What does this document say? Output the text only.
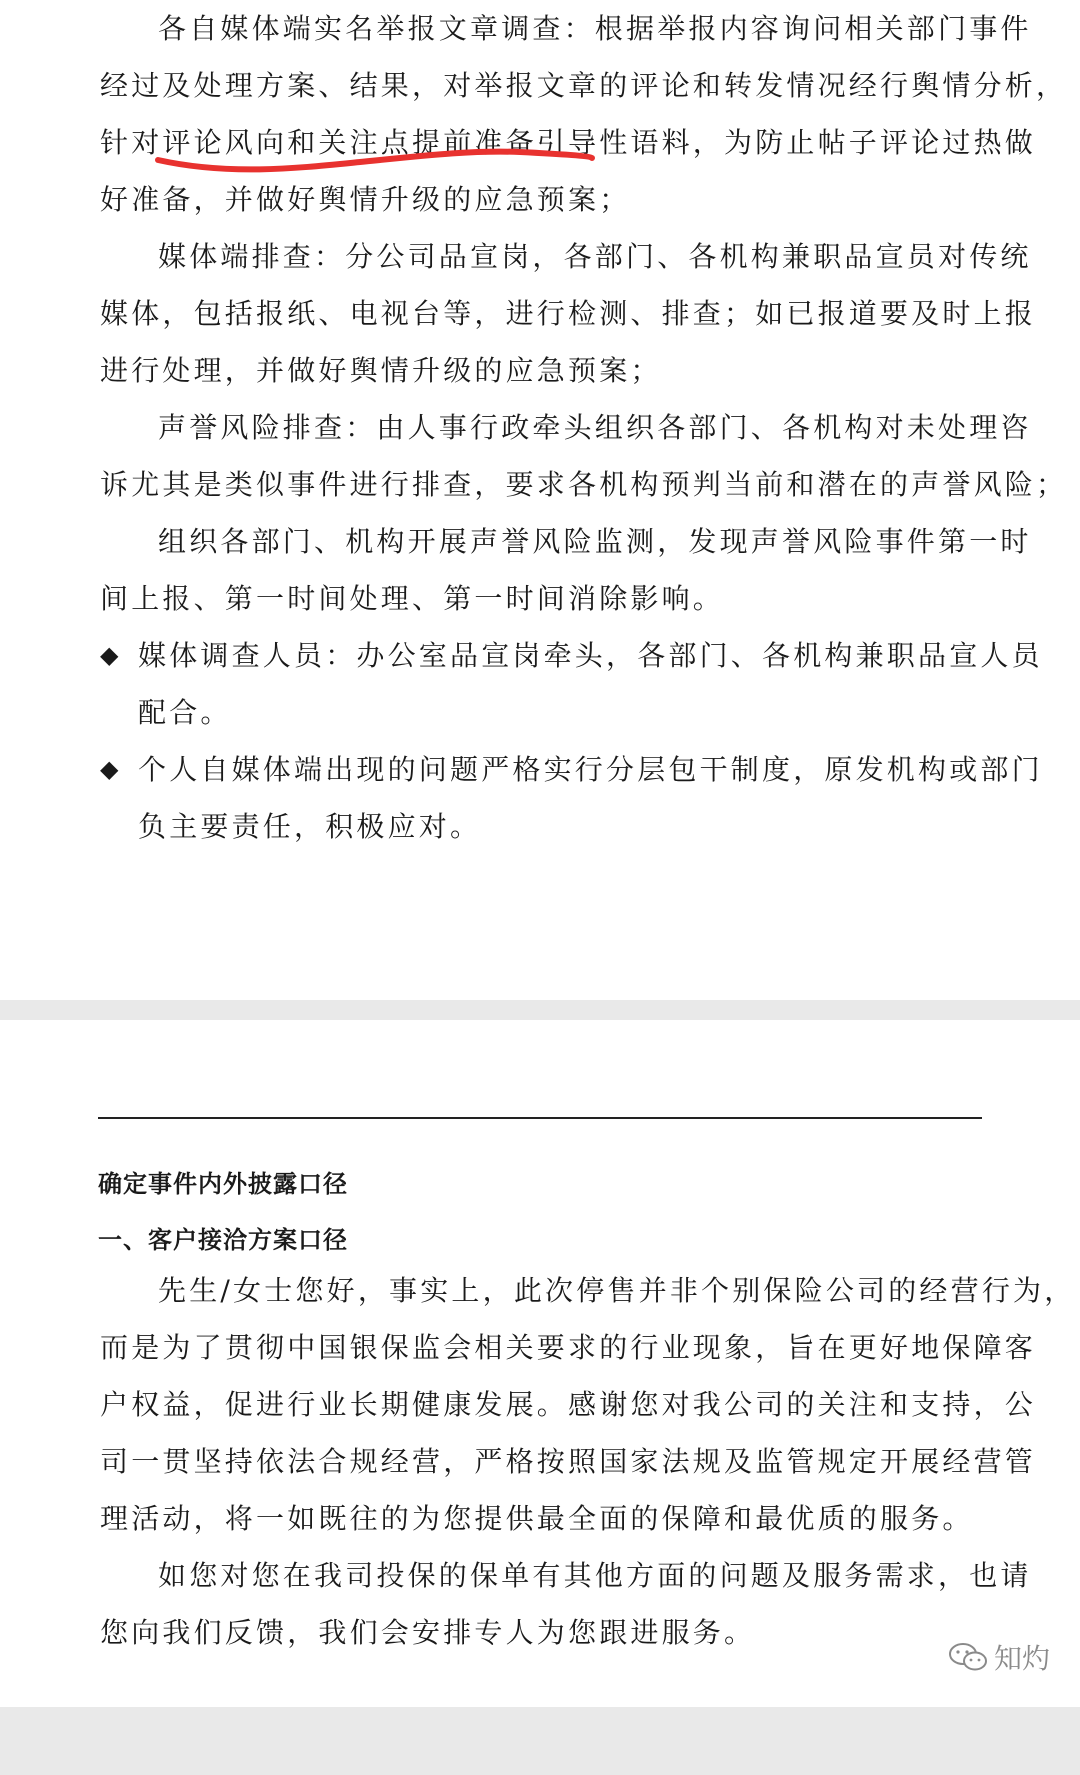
各自媒体端实名举报文章调查：根据举报内容询问相关部门事件

经过及处理方案、结果，对举报文章的评论和转发情况经行舆情分析，

针对评论风向和关注点提前准备引导性语料，为防止帖子评论过热做

好准备，并做好舆情升级的应急预案；

媒体端排查：分公司品宣岗，各部门、各机构兼职品宣员对传统

媒体，包括报纸、电视台等，进行检测、排查；如已报道要及时上报

进行处理，并做好舆情升级的应急预案；

声誉风险排查：由人事行政牵头组织各部门、各机构对未处理咨

诉尤其是类似事件进行排查，要求各机构预判当前和潜在的声誉风险；

组织各部门、机构开展声誉风险监测，发现声誉风险事件第一时

间上报、第一时间处理、第一时间消除影响。

◆

媒体调查人员：办公室品宣岗牵头，各部门、各机构兼职品宣人员

配合。

◆

个人自媒体端出现的问题严格实行分层包干制度，原发机构或部门

负主要责任，积极应对。

确定事件内外披露口径
一、客户接洽方案口径

先生/女士您好，事实上，此次停售并非个别保险公司的经营行为，

而是为了贯彻中国银保监会相关要求的行业现象，旨在更好地保障客

户权益，促进行业长期健康发展。感谢您对我公司的关注和支持，公

司一贯坚持依法合规经营，严格按照国家法规及监管规定开展经营管

理活动，将一如既往的为您提供最全面的保障和最优质的服务。

如您对您在我司投保的保单有其他方面的问题及服务需求，也请

您向我们反馈，我们会安排专人为您跟进服务。

知灼
